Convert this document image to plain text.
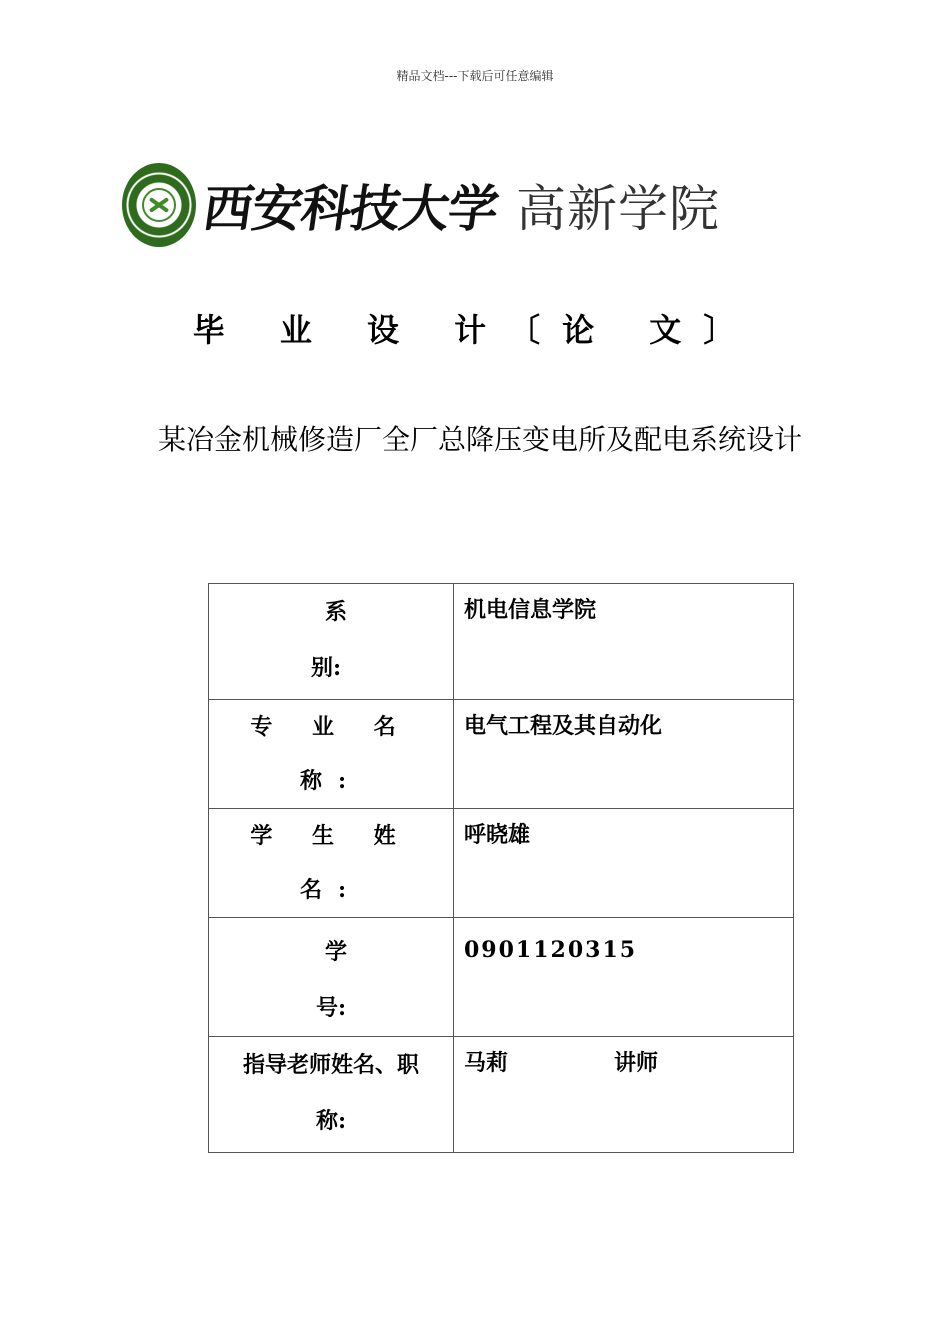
精品文档---下载后可任意编辑
西安科技大学 高新学院
毕 业 设 计〔论 文〕
某冶金机械修造厂全厂总降压变电所及配电系统设计
系
别:	机电信息学院

专 业 名 称:	电气工程及其自动化

学 生 姓 名:	呼晓雄

学
号:	0901120315

指导老师姓名、职
称:	马莉 讲师
